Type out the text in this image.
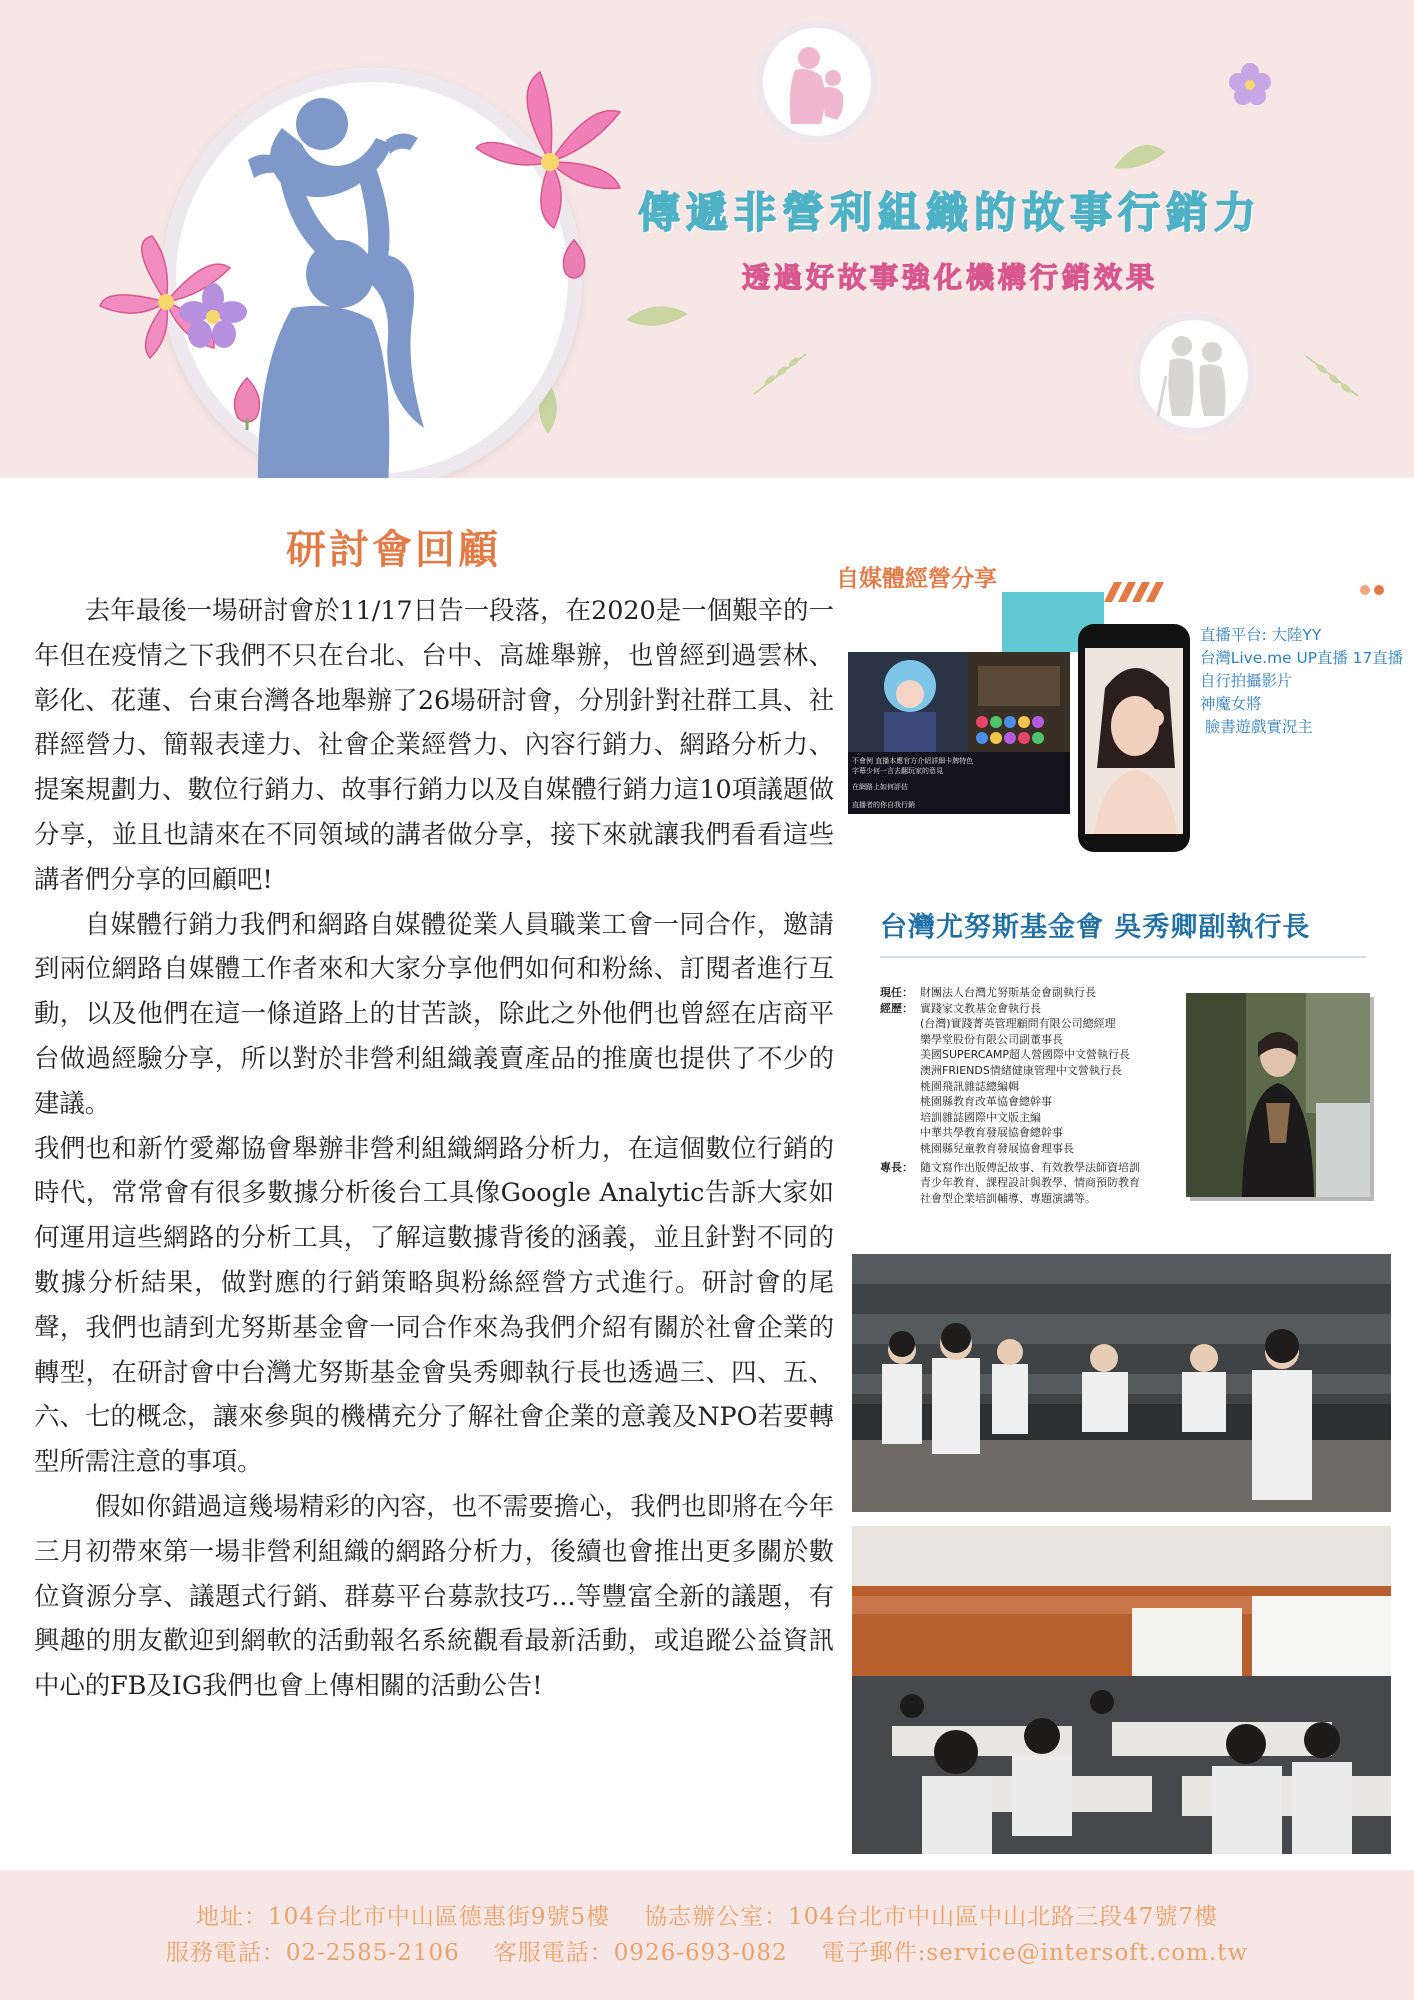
傳遞非營利組織的故事行銷力
透過好故事強化機構行銷效果
研討會回顧

去年最後一場研討會於11/17日告一段落，在2020是一個艱辛的一年但在疫情之下我們不只在台北、台中、高雄舉辦，也曾經到過雲林、彰化、花蓮、台東台灣各地舉辦了26場研討會，分別針對社群工具、社群經營力、簡報表達力、社會企業經營力、內容行銷力、網路分析力、提案規劃力、數位行銷力、故事行銷力以及自媒體行銷力這10項議題做分享，並且也請來在不同領域的講者做分享，接下來就讓我們看看這些講者們分享的回顧吧!

自媒體行銷力我們和網路自媒體從業人員職業工會一同合作，邀請到兩位網路自媒體工作者來和大家分享他們如何和粉絲、訂閱者進行互動，以及他們在這一條道路上的甘苦談，除此之外他們也曾經在店商平台做過經驗分享，所以對於非營利組織義賣產品的推廣也提供了不少的建議。

我們也和新竹愛鄰協會舉辦非營利組織網路分析力，在這個數位行銷的時代，常常會有很多數據分析後台工具像Google Analytic告訴大家如何運用這些網路的分析工具，了解這數據背後的涵義，並且針對不同的數據分析結果，做對應的行銷策略與粉絲經營方式進行。研討會的尾聲，我們也請到尤努斯基金會一同合作來為我們介紹有關於社會企業的轉型，在研討會中台灣尤努斯基金會吳秀卿執行長也透過三、四、五、六、七的概念，讓來參與的機構充分了解社會企業的意義及NPO若要轉型所需注意的事項。

假如你錯過這幾場精彩的內容，也不需要擔心，我們也即將在今年三月初帶來第一場非營利組織的網路分析力，後續也會推出更多關於數位資源分享、議題式行銷、群募平台募款技巧...等豐富全新的議題，有興趣的朋友歡迎到網軟的活動報名系統觀看最新活動，或追蹤公益資訊中心的FB及IG我們也會上傳相關的活動公告!

自媒體經營分享
不會例 直播本應官方介紹詳細卡牌特色
字幕少何一言去翻玩家的意見
在網路上如何評估
直播者的你自我行銷
直播平台: 大陸YY
台灣Live.me UP直播 17直播
自行拍攝影片
神魔女將
臉書遊戲實況主
台灣尤努斯基金會 吳秀卿副執行長
現任： 財團法人台灣尤努斯基金會副執行長
經歷： 實踐家文教基金會執行長
(台灣)實踐菁英管理顧問有限公司總經理
樂學堂股份有限公司副董事長
美國SUPERCAMP超人營國際中文營執行長
澳洲FRIENDS情緒健康管理中文營執行長
桃園飛訊雜誌總編輯
桃園縣教育改革協會總幹事
培訓雜誌國際中文版主編
中華共學教育發展協會總幹事
桃園縣兒童教育發展協會理事長
專長： 隨文寫作出版傳記故事、有效教學法師資培訓
青少年教育、課程設計與教學、情商預防教育
社會型企業培訓輔導、專題演講等。
地址：104台北市中山區德惠街9號5樓 協志辦公室：104台北市中山區中山北路三段47號7樓
服務電話：02-2585-2106 客服電話：0926-693-082 電子郵件:service@intersoft.com.tw
